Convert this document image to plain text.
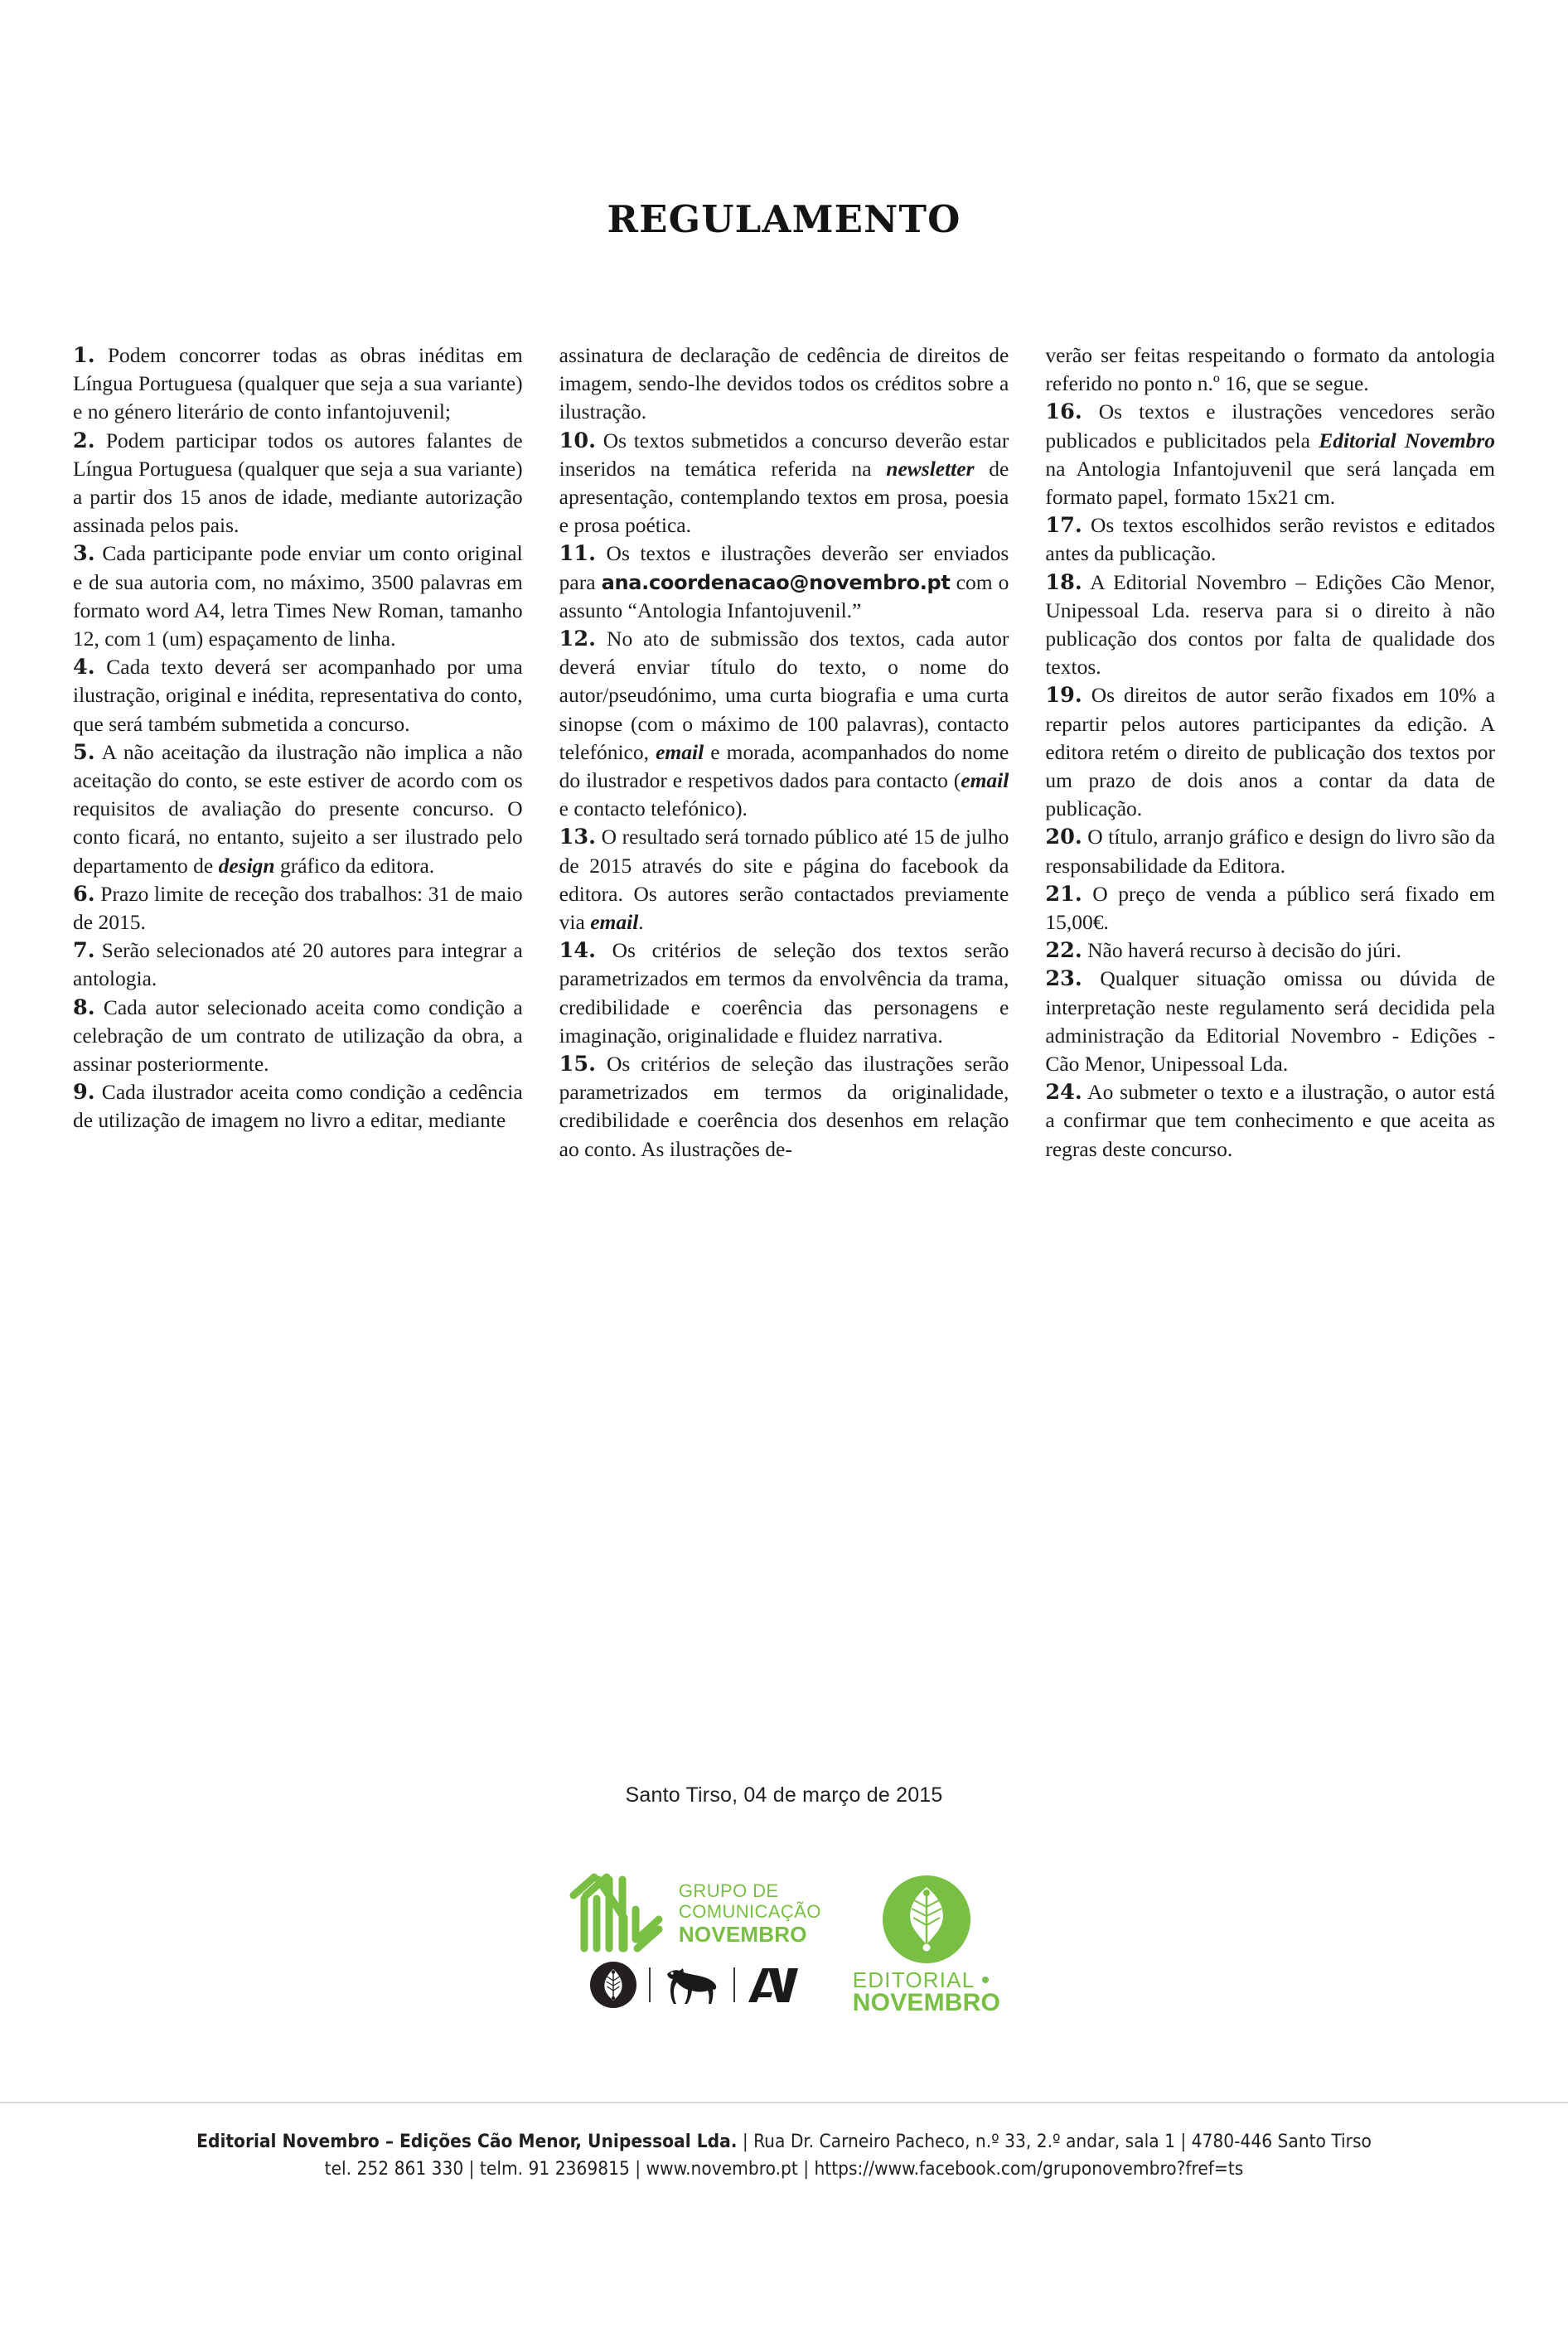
REGULAMENTO

1. Podem concorrer todas as obras inéditas em Língua Portuguesa (qualquer que seja a sua variante) e no género literário de conto infantojuvenil;

2. Podem participar todos os autores falantes de Língua Portuguesa (qualquer que seja a sua variante) a partir dos 15 anos de idade, mediante autorização assinada pelos pais.

3. Cada participante pode enviar um conto original e de sua autoria com, no máximo, 3500 palavras em formato word A4, letra Times New Roman, tamanho 12, com 1 (um) espaçamento de linha.

4. Cada texto deverá ser acompanhado por uma ilustração, original e inédita, representativa do conto, que será também submetida a concurso.

5. A não aceitação da ilustração não implica a não aceitação do conto, se este estiver de acordo com os requisitos de avaliação do presente concurso. O conto ficará, no entanto, sujeito a ser ilustrado pelo departamento de design gráfico da editora.

6. Prazo limite de receção dos trabalhos: 31 de maio de 2015.

7. Serão selecionados até 20 autores para integrar a antologia.

8. Cada autor selecionado aceita como condição a celebração de um contrato de utilização da obra, a assinar posteriormente.

9. Cada ilustrador aceita como condição a cedência de utilização de imagem no livro a editar, mediante

assinatura de declaração de cedência de direitos de imagem, sendo-lhe devidos todos os créditos sobre a ilustração.

10. Os textos submetidos a concurso deverão estar inseridos na temática referida na newsletter de apresentação, contemplando textos em prosa, poesia e prosa poética.

11. Os textos e ilustrações deverão ser enviados para ana.coordenacao@novembro.pt com o assunto “Antologia Infantojuvenil.”

12. No ato de submissão dos textos, cada autor deverá enviar título do texto, o nome do autor/pseudónimo, uma curta biografia e uma curta sinopse (com o máximo de 100 palavras), contacto telefónico, email e morada, acompanhados do nome do ilustrador e respetivos dados para contacto (email e contacto telefónico).

13. O resultado será tornado público até 15 de julho de 2015 através do site e página do facebook da editora. Os autores serão contactados previamente via email.

14. Os critérios de seleção dos textos serão parametrizados em termos da envolvência da trama, credibilidade e coerência das personagens e imaginação, originalidade e fluidez narrativa.

15. Os critérios de seleção das ilustrações serão parametrizados em termos da originalidade, credibilidade e coerência dos desenhos em relação ao conto. As ilustrações de-

verão ser feitas respeitando o formato da antologia referido no ponto n.º 16, que se segue.

16. Os textos e ilustrações vencedores serão publicados e publicitados pela Editorial Novembro na Antologia Infantojuvenil que será lançada em formato papel, formato 15x21 cm.

17. Os textos escolhidos serão revistos e editados antes da publicação.

18. A Editorial Novembro – Edições Cão Menor, Unipessoal Lda. reserva para si o direito à não publicação dos contos por falta de qualidade dos textos.

19. Os direitos de autor serão fixados em 10% a repartir pelos autores participantes da edição. A editora retém o direito de publicação dos textos por um prazo de dois anos a contar da data de publicação.

20. O título, arranjo gráfico e design do livro são da responsabilidade da Editora.

21. O preço de venda a público será fixado em 15,00€.

22. Não haverá recurso à decisão do júri.

23. Qualquer situação omissa ou dúvida de interpretação neste regulamento será decidida pela administração da Editorial Novembro - Edições - Cão Menor, Unipessoal Lda.

24. Ao submeter o texto e a ilustração, o autor está a confirmar que tem conhecimento e que aceita as regras deste concurso.

Santo Tirso, 04 de março de 2015
GRUPO DE
COMUNICAÇÃO
NOVEMBRO
EDITORIAL
NOVEMBRO
Editorial Novembro – Edições Cão Menor, Unipessoal Lda. | Rua Dr. Carneiro Pacheco, n.º 33, 2.º andar, sala 1 | 4780-446 Santo Tirso
tel. 252 861 330 | telm. 91 2369815 | www.novembro.pt | https://www.facebook.com/gruponovembro?fref=ts
